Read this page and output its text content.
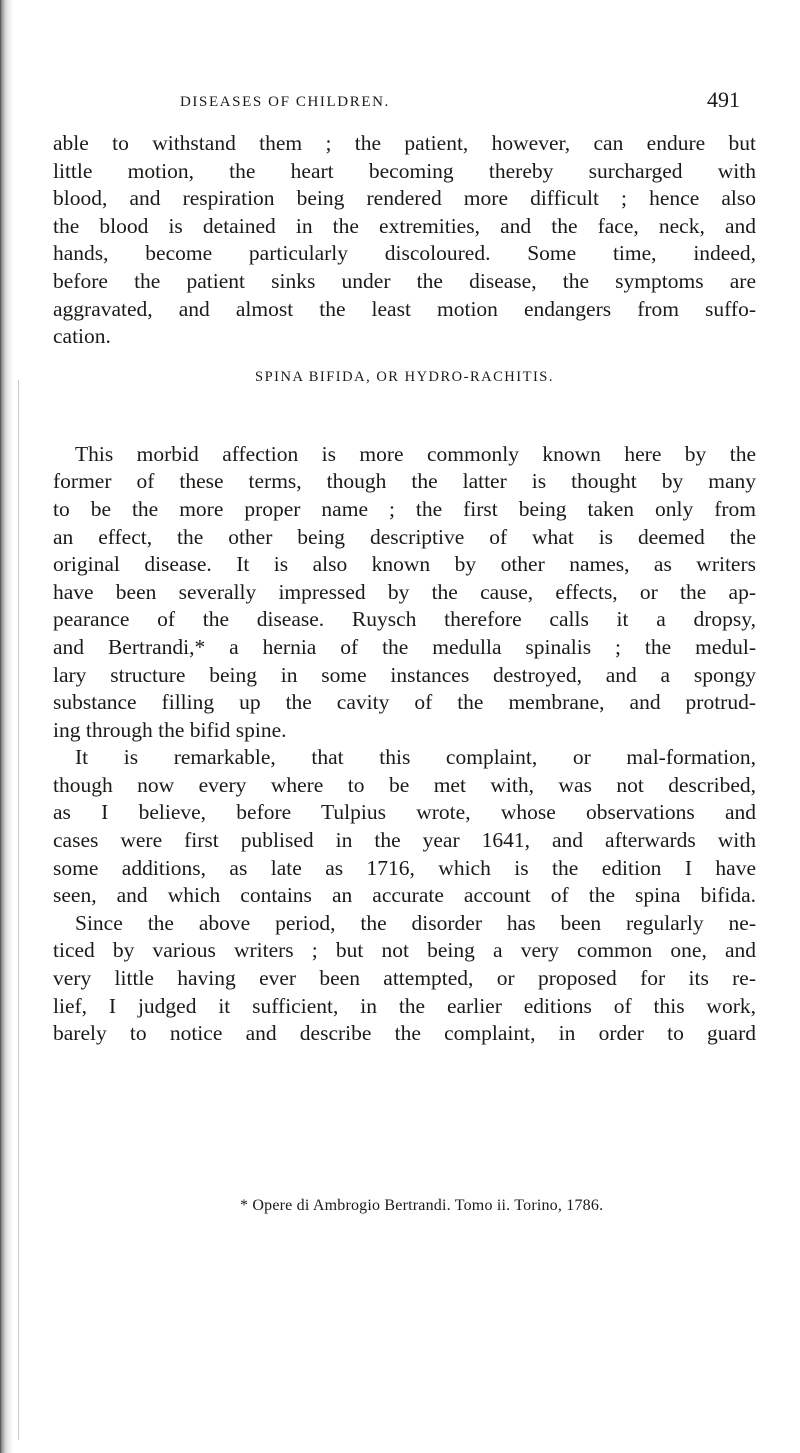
DISEASES OF CHILDREN.	491
able to withstand them ; the patient, however, can endure but
little motion, the heart becoming thereby surcharged with
blood, and respiration being rendered more difficult ; hence also
the blood is detained in the extremities, and the face, neck, and
hands, become particularly discoloured. Some time, indeed,
before the patient sinks under the disease, the symptoms are
aggravated, and almost the least motion endangers from suffo-
cation.
SPINA BIFIDA, OR HYDRO-RACHITIS.
This morbid affection is more commonly known here by the
former of these terms, though the latter is thought by many
to be the more proper name ; the first being taken only from
an effect, the other being descriptive of what is deemed the
original disease. It is also known by other names, as writers
have been severally impressed by the cause, effects, or the ap-
pearance of the disease. Ruysch therefore calls it a dropsy,
and Bertrandi,* a hernia of the medulla spinalis ; the medul-
lary structure being in some instances destroyed, and a spongy
substance filling up the cavity of the membrane, and protrud-
ing through the bifid spine.
It is remarkable, that this complaint, or mal-formation,
though now every where to be met with, was not described,
as I believe, before Tulpius wrote, whose observations and
cases were first publised in the year 1641, and afterwards with
some additions, as late as 1716, which is the edition I have
seen, and which contains an accurate account of the spina bifida.
Since the above period, the disorder has been regularly ne-
ticed by various writers ; but not being a very common one, and
very little having ever been attempted, or proposed for its re-
lief, I judged it sufficient, in the earlier editions of this work,
barely to notice and describe the complaint, in order to guard
* Opere di Ambrogio Bertrandi. Tomo ii. Torino, 1786.
